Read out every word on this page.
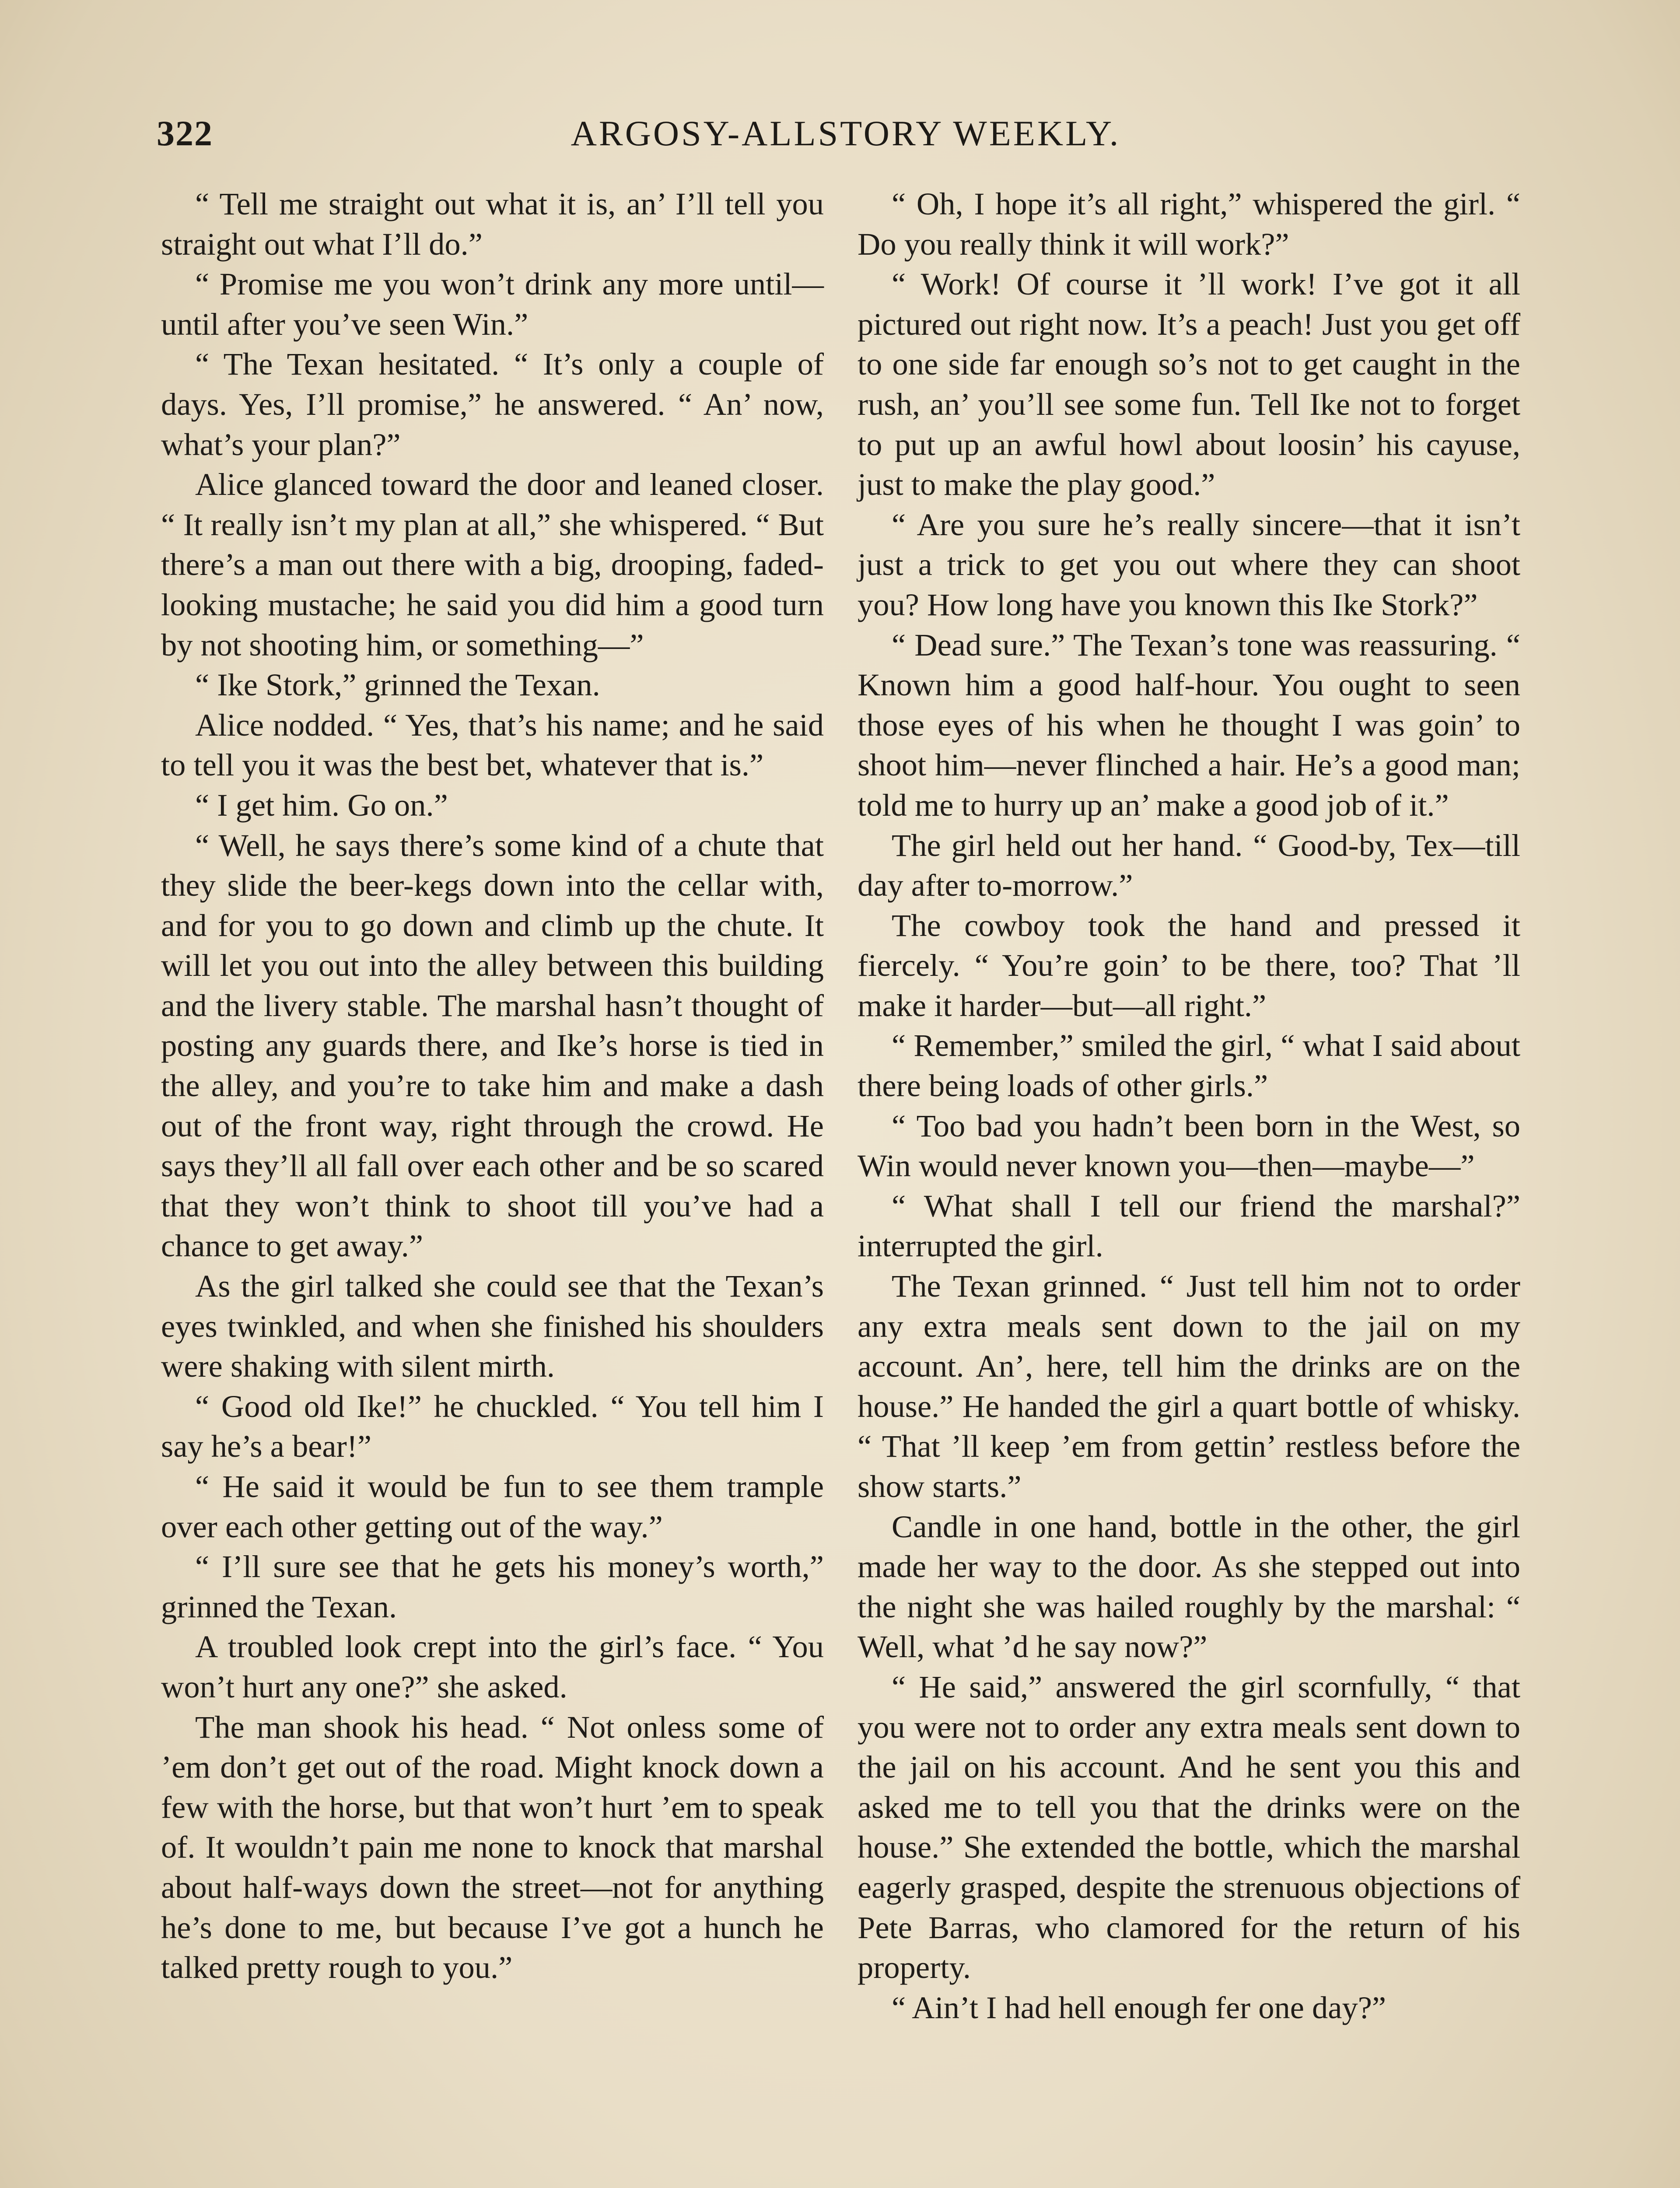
322	ARGOSY-ALLSTORY WEEKLY.

“ Tell me straight out what it is, an’ I’ll tell you straight out what I’ll do.”

“ Promise me you won’t drink any more until—until after you’ve seen Win.”

“ The Texan hesitated. “ It’s only a couple of days. Yes, I’ll promise,” he answered. “ An’ now, what’s your plan?”

Alice glanced toward the door and leaned closer. “ It really isn’t my plan at all,” she whispered. “ But there’s a man out there with a big, drooping, faded-looking mustache; he said you did him a good turn by not shooting him, or something—”

“ Ike Stork,” grinned the Texan.

Alice nodded. “ Yes, that’s his name; and he said to tell you it was the best bet, whatever that is.”

“ I get him. Go on.”

“ Well, he says there’s some kind of a chute that they slide the beer-kegs down into the cellar with, and for you to go down and climb up the chute. It will let you out into the alley between this building and the livery stable. The marshal hasn’t thought of posting any guards there, and Ike’s horse is tied in the alley, and you’re to take him and make a dash out of the front way, right through the crowd. He says they’ll all fall over each other and be so scared that they won’t think to shoot till you’ve had a chance to get away.”

As the girl talked she could see that the Texan’s eyes twinkled, and when she finished his shoulders were shaking with silent mirth.

“ Good old Ike!” he chuckled. “ You tell him I say he’s a bear!”

“ He said it would be fun to see them trample over each other getting out of the way.”

“ I’ll sure see that he gets his money’s worth,” grinned the Texan.

A troubled look crept into the girl’s face. “ You won’t hurt any one?” she asked.

The man shook his head. “ Not onless some of ’em don’t get out of the road. Might knock down a few with the horse, but that won’t hurt ’em to speak of. It wouldn’t pain me none to knock that marshal about half-ways down the street—not for anything he’s done to me, but because I’ve got a hunch he talked pretty rough to you.”

“ Oh, I hope it’s all right,” whispered the girl. “ Do you really think it will work?”

“ Work! Of course it ’ll work! I’ve got it all pictured out right now. It’s a peach! Just you get off to one side far enough so’s not to get caught in the rush, an’ you’ll see some fun. Tell Ike not to forget to put up an awful howl about loosin’ his cayuse, just to make the play good.”

“ Are you sure he’s really sincere—that it isn’t just a trick to get you out where they can shoot you? How long have you known this Ike Stork?”

“ Dead sure.” The Texan’s tone was reassuring. “ Known him a good half-hour. You ought to seen those eyes of his when he thought I was goin’ to shoot him—never flinched a hair. He’s a good man; told me to hurry up an’ make a good job of it.”

The girl held out her hand. “ Good-by, Tex—till day after to-morrow.”

The cowboy took the hand and pressed it fiercely. “ You’re goin’ to be there, too? That ’ll make it harder—but—all right.”

“ Remember,” smiled the girl, “ what I said about there being loads of other girls.”

“ Too bad you hadn’t been born in the West, so Win would never known you—then—maybe—”

“ What shall I tell our friend the marshal?” interrupted the girl.

The Texan grinned. “ Just tell him not to order any extra meals sent down to the jail on my account. An’, here, tell him the drinks are on the house.” He handed the girl a quart bottle of whisky. “ That ’ll keep ’em from gettin’ restless before the show starts.”

Candle in one hand, bottle in the other, the girl made her way to the door. As she stepped out into the night she was hailed roughly by the marshal: “ Well, what ’d he say now?”

“ He said,” answered the girl scornfully, “ that you were not to order any extra meals sent down to the jail on his account. And he sent you this and asked me to tell you that the drinks were on the house.” She extended the bottle, which the marshal eagerly grasped, despite the strenuous objections of Pete Barras, who clamored for the return of his property.

“ Ain’t I had hell enough fer one day?”
